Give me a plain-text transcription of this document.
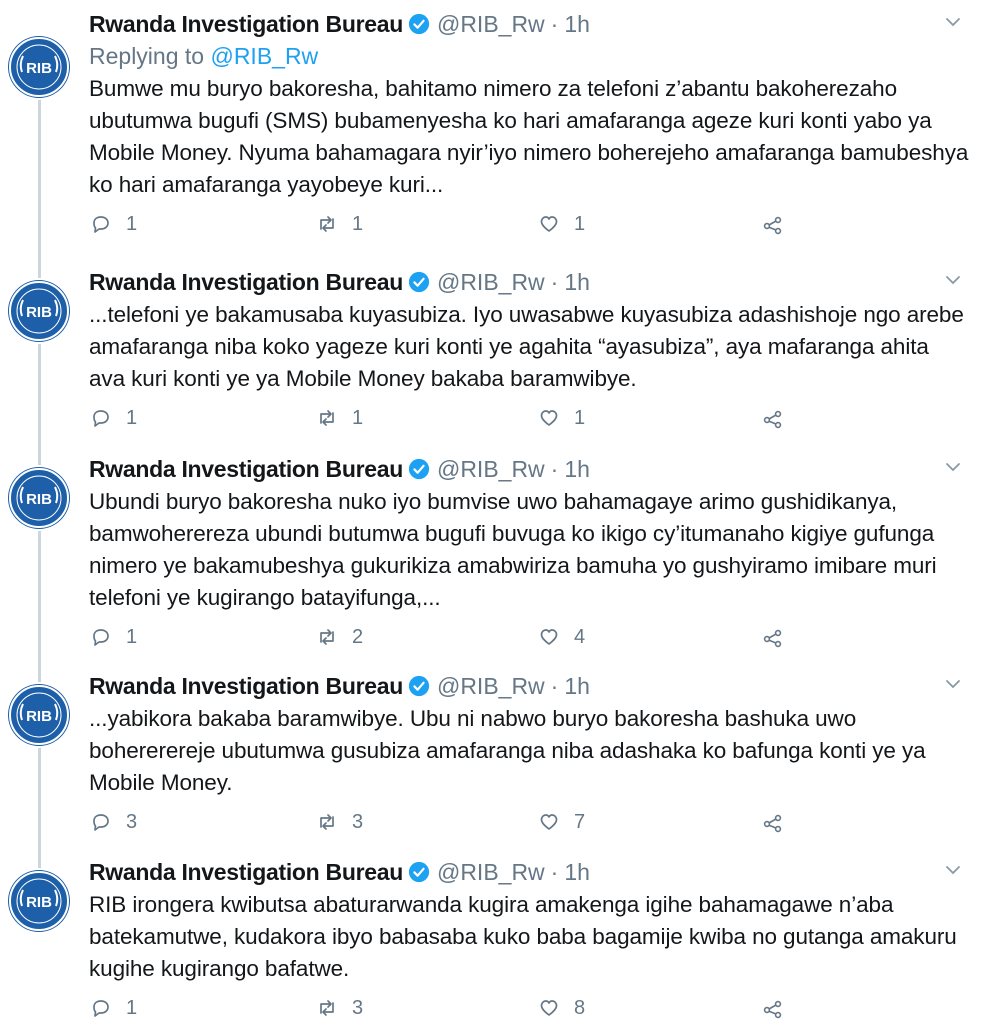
RIB
Rwanda Investigation Bureau @RIB_Rw · 1h
Replying to @RIB_Rw
Bumwe mu buryo bakoresha, bahitamo nimero za telefoni z’abantu bakoherezaho ubutumwa bugufi (SMS) bubamenyesha ko hari amafaranga ageze kuri konti yabo ya Mobile Money. Nyuma bahamagara nyir’iyo nimero boherejeho amafaranga bamubeshya ko hari amafaranga yayobeye kuri...
1	1	1
RIB
Rwanda Investigation Bureau @RIB_Rw · 1h
...telefoni ye bakamusaba kuyasubiza. Iyo uwasabwe kuyasubiza adashishoje ngo arebe amafaranga niba koko yageze kuri konti ye agahita “ayasubiza”, aya mafaranga ahita ava kuri konti ye ya Mobile Money bakaba baramwibye.
1	1	1
RIB
Rwanda Investigation Bureau @RIB_Rw · 1h
Ubundi buryo bakoresha nuko iyo bumvise uwo bahamagaye arimo gushidikanya, bamwoherereza ubundi butumwa bugufi buvuga ko ikigo cy’itumanaho kigiye gufunga nimero ye bakamubeshya gukurikiza amabwiriza bamuha yo gushyiramo imibare muri telefoni ye kugirango batayifunga,...
1	2	4
RIB
Rwanda Investigation Bureau @RIB_Rw · 1h
...yabikora bakaba baramwibye. Ubu ni nabwo buryo bakoresha bashuka uwo bohererereje ubutumwa gusubiza amafaranga niba adashaka ko bafunga konti ye ya Mobile Money.
3	3	7
RIB
Rwanda Investigation Bureau @RIB_Rw · 1h
RIB irongera kwibutsa abaturarwanda kugira amakenga igihe bahamagawe n’aba batekamutwe, kudakora ibyo babasaba kuko baba bagamije kwiba no gutanga amakuru kugihe kugirango bafatwe.
1	3	8
